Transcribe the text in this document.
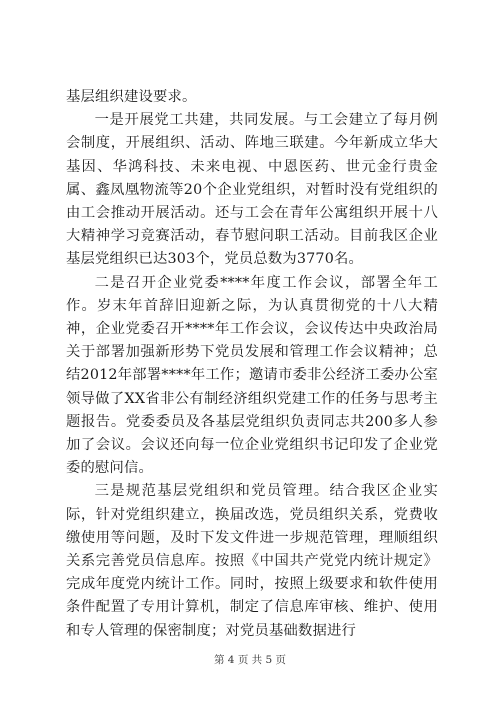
基层组织建设要求。

一是开展党工共建，共同发展。与工会建立了每月例会制度，开展组织、活动、阵地三联建。今年新成立华大基因、华鸿科技、未来电视、中恩医药、世元金行贵金属、鑫凤凰物流等20个企业党组织，对暂时没有党组织的由工会推动开展活动。还与工会在青年公寓组织开展十八大精神学习竞赛活动，春节慰问职工活动。目前我区企业基层党组织已达303个，党员总数为3770名。

二是召开企业党委****年度工作会议，部署全年工作。岁末年首辞旧迎新之际，为认真贯彻党的十八大精神，企业党委召开****年工作会议，会议传达中央政治局关于部署加强新形势下党员发展和管理工作会议精神；总结2012年部署****年工作；邀请市委非公经济工委办公室领导做了XX省非公有制经济组织党建工作的任务与思考主题报告。党委委员及各基层党组织负责同志共200多人参加了会议。会议还向每一位企业党组织书记印发了企业党委的慰问信。

三是规范基层党组织和党员管理。结合我区企业实际，针对党组织建立，换届改选，党员组织关系，党费收缴使用等问题，及时下发文件进一步规范管理，理顺组织关系完善党员信息库。按照《中国共产党党内统计规定》完成年度党内统计工作。同时，按照上级要求和软件使用条件配置了专用计算机，制定了信息库审核、维护、使用和专人管理的保密制度；对党员基础数据进行

第 4 页 共 5 页
